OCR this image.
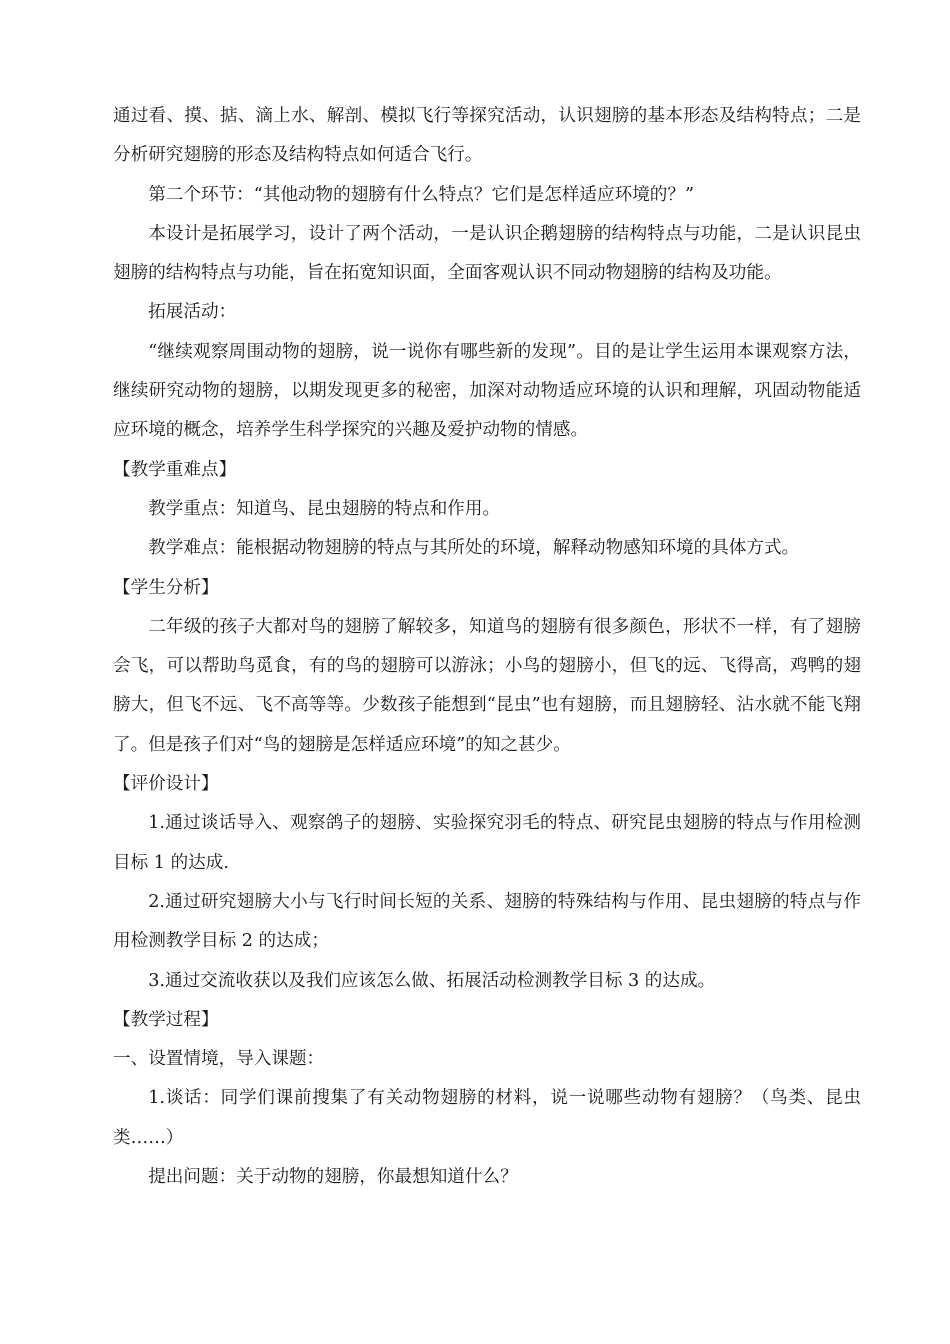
通过看、摸、掂、滴上水、解剖、模拟飞行等探究活动，认识翅膀的基本形态及结构特点；二是分析研究翅膀的形态及结构特点如何适合飞行。

第二个环节：“其他动物的翅膀有什么特点？它们是怎样适应环境的？”

本设计是拓展学习，设计了两个活动，一是认识企鹅翅膀的结构特点与功能，二是认识昆虫翅膀的结构特点与功能，旨在拓宽知识面，全面客观认识不同动物翅膀的结构及功能。

拓展活动：

“继续观察周围动物的翅膀，说一说你有哪些新的发现”。目的是让学生运用本课观察方法，继续研究动物的翅膀，以期发现更多的秘密，加深对动物适应环境的认识和理解，巩固动物能适应环境的概念，培养学生科学探究的兴趣及爱护动物的情感。

【教学重难点】

教学重点：知道鸟、昆虫翅膀的特点和作用。

教学难点：能根据动物翅膀的特点与其所处的环境，解释动物感知环境的具体方式。

【学生分析】

二年级的孩子大都对鸟的翅膀了解较多，知道鸟的翅膀有很多颜色，形状不一样，有了翅膀会飞，可以帮助鸟觅食，有的鸟的翅膀可以游泳；小鸟的翅膀小，但飞的远、飞得高，鸡鸭的翅膀大，但飞不远、飞不高等等。少数孩子能想到“昆虫”也有翅膀，而且翅膀轻、沾水就不能飞翔了。但是孩子们对“鸟的翅膀是怎样适应环境”的知之甚少。

【评价设计】

1.通过谈话导入、观察鸽子的翅膀、实验探究羽毛的特点、研究昆虫翅膀的特点与作用检测目标 1 的达成.

2.通过研究翅膀大小与飞行时间长短的关系、翅膀的特殊结构与作用、昆虫翅膀的特点与作用检测教学目标 2 的达成；

3.通过交流收获以及我们应该怎么做、拓展活动检测教学目标 3 的达成。

【教学过程】

一、设置情境，导入课题：

1.谈话：同学们课前搜集了有关动物翅膀的材料，说一说哪些动物有翅膀？（鸟类、昆虫类……）

提出问题：关于动物的翅膀，你最想知道什么？
